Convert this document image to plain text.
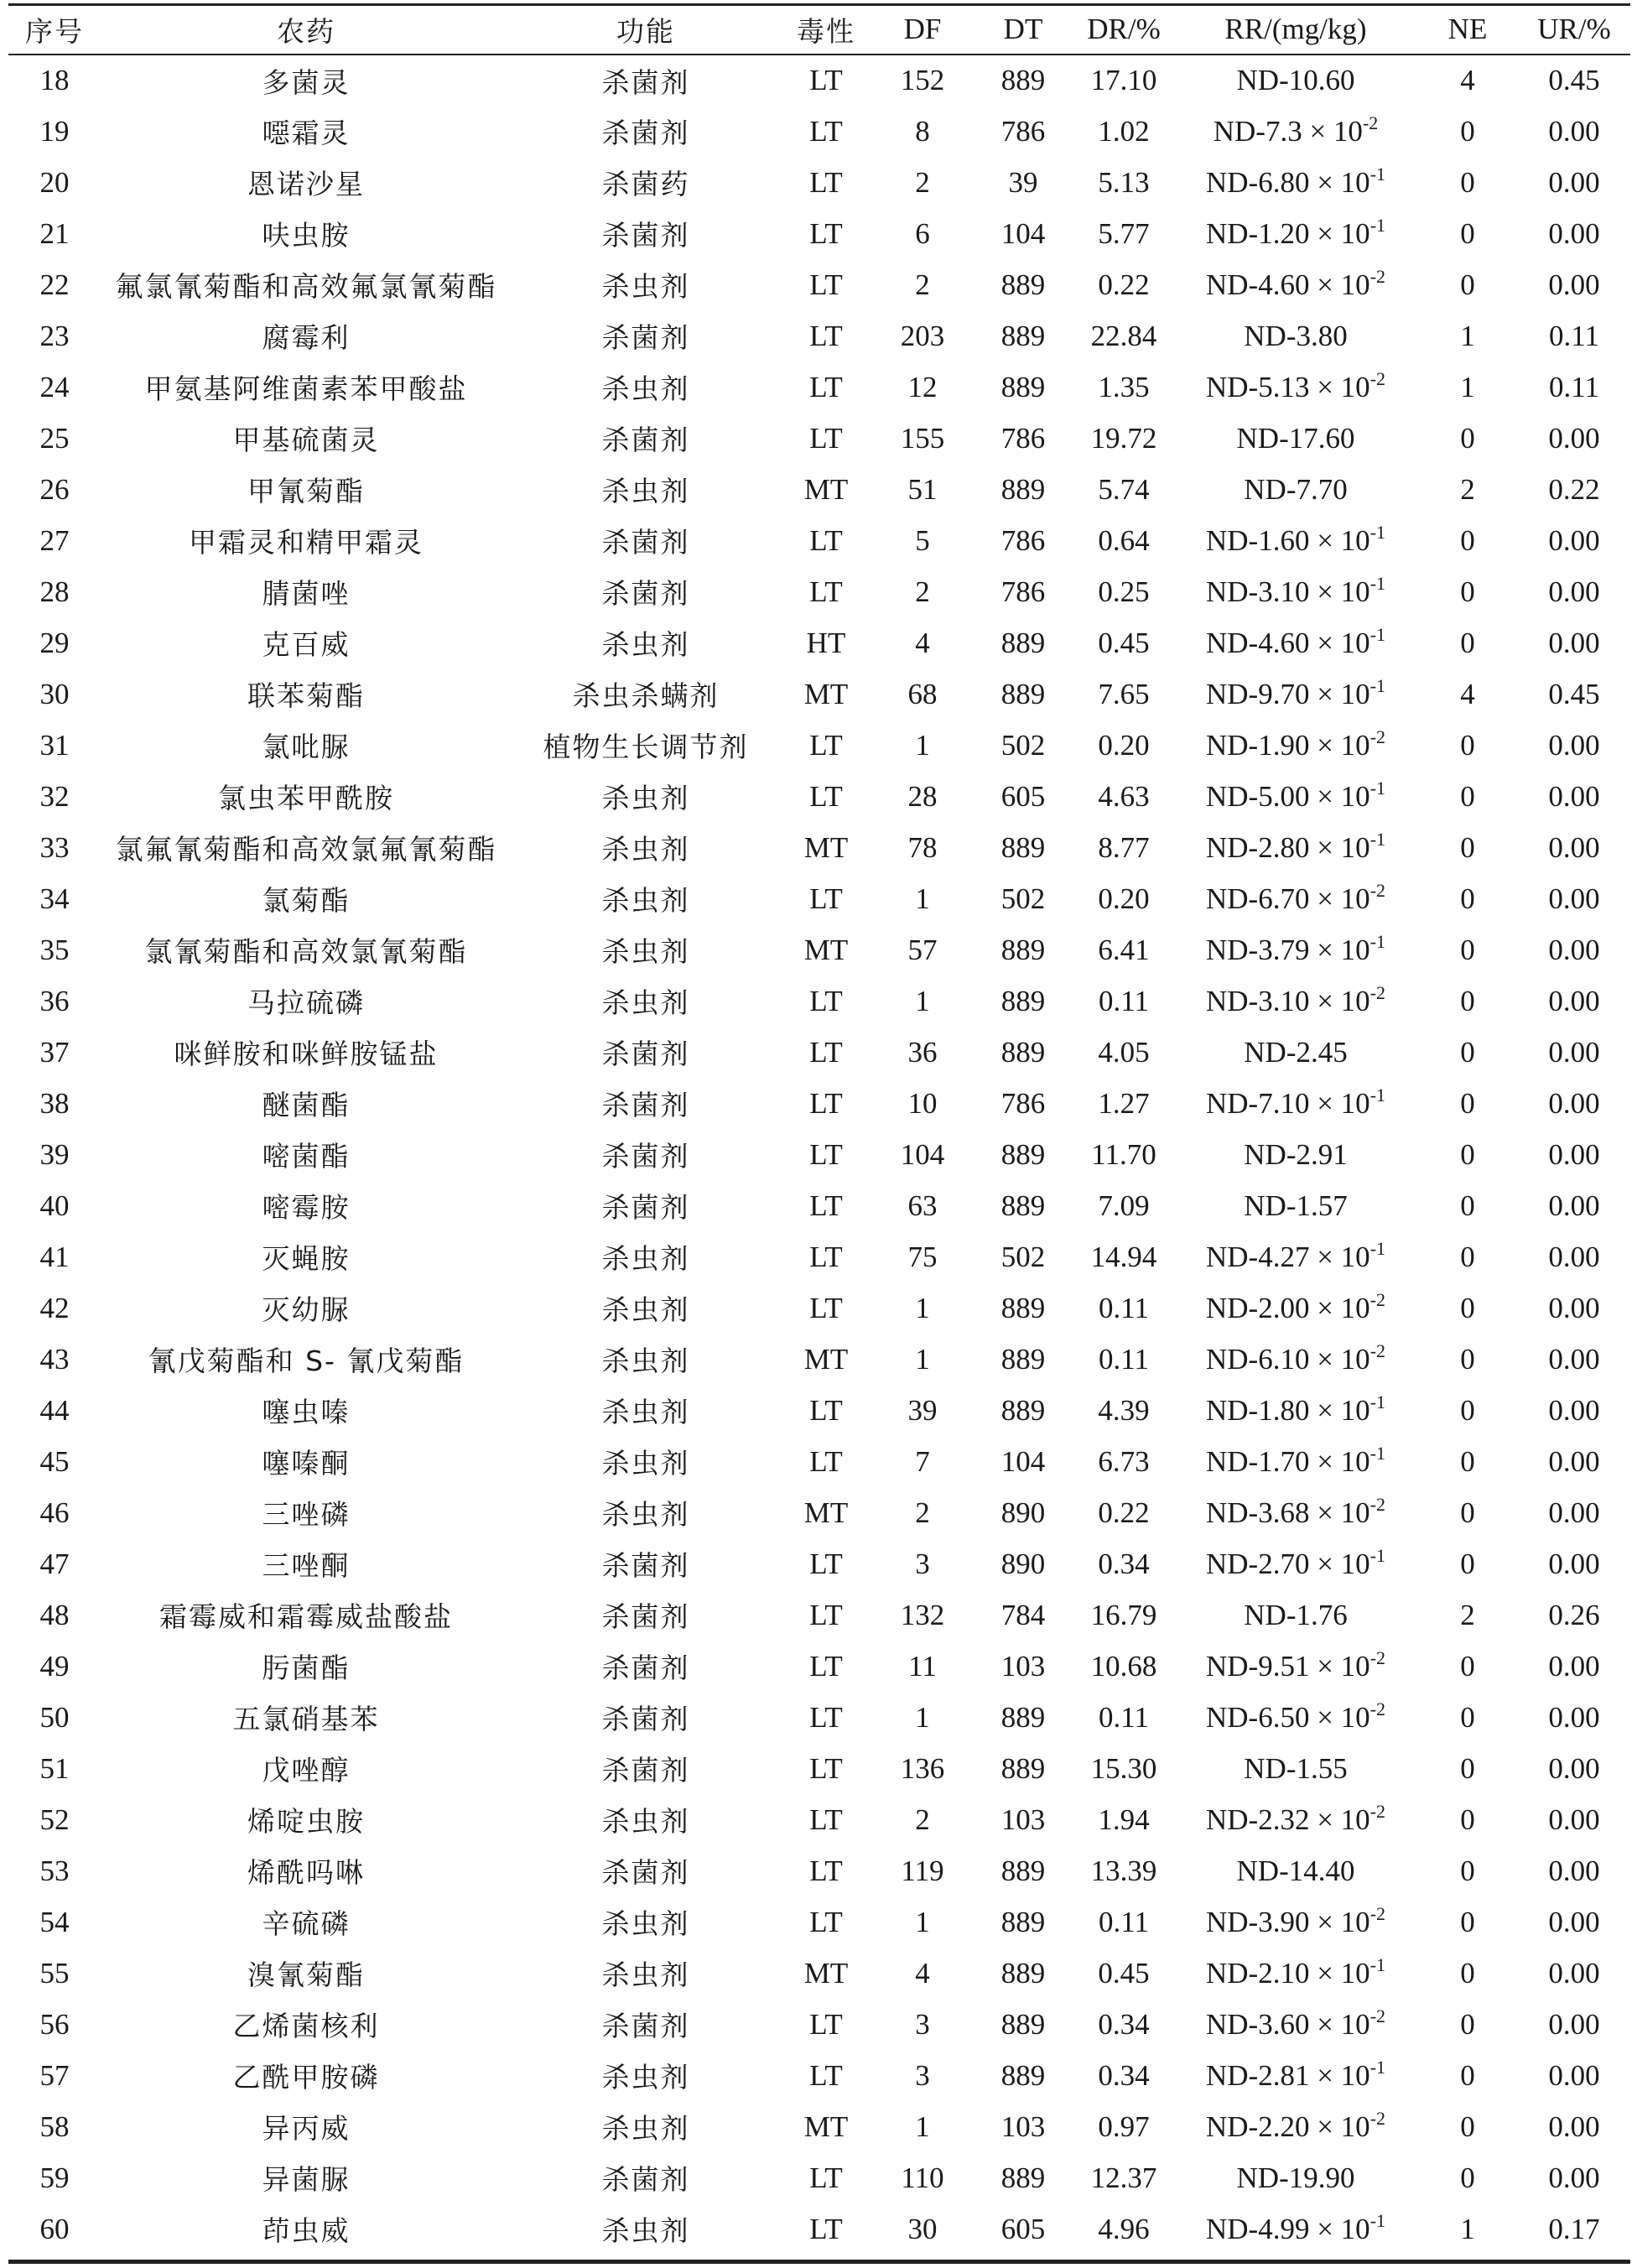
序号	农药	功能	毒性	DF	DT	DR/%	RR/(mg/kg)	NE	UR/%
18	多菌灵	杀菌剂	LT	152	889	17.10	ND-10.60	4	0.45
19	噁霜灵	杀菌剂	LT	8	786	1.02	$ND-7.3 \times 10^{-2}$	0	0.00
20	恩诺沙星	杀菌药	LT	2	39	5.13	$ND-6.80 \times 10^{-1}$	0	0.00
21	呋虫胺	杀菌剂	LT	6	104	5.77	$ND-1.20 \times 10^{-1}$	0	0.00
22	氟氯氰菊酯和高效氟氯氰菊酯	杀虫剂	LT	2	889	0.22	$ND-4.60 \times 10^{-2}$	0	0.00
23	腐霉利	杀菌剂	LT	203	889	22.84	ND-3.80	1	0.11
24	甲氨基阿维菌素苯甲酸盐	杀虫剂	LT	12	889	1.35	$ND-5.13 \times 10^{-2}$	1	0.11
25	甲基硫菌灵	杀菌剂	LT	155	786	19.72	ND-17.60	0	0.00
26	甲氰菊酯	杀虫剂	MT	51	889	5.74	ND-7.70	2	0.22
27	甲霜灵和精甲霜灵	杀菌剂	LT	5	786	0.64	$ND-1.60 \times 10^{-1}$	0	0.00
28	腈菌唑	杀菌剂	LT	2	786	0.25	$ND-3.10 \times 10^{-1}$	0	0.00
29	克百威	杀虫剂	HT	4	889	0.45	$ND-4.60 \times 10^{-1}$	0	0.00
30	联苯菊酯	杀虫杀螨剂	MT	68	889	7.65	$ND-9.70 \times 10^{-1}$	4	0.45
31	氯吡脲	植物生长调节剂	LT	1	502	0.20	$ND-1.90 \times 10^{-2}$	0	0.00
32	氯虫苯甲酰胺	杀虫剂	LT	28	605	4.63	$ND-5.00 \times 10^{-1}$	0	0.00
33	氯氟氰菊酯和高效氯氟氰菊酯	杀虫剂	MT	78	889	8.77	$ND-2.80 \times 10^{-1}$	0	0.00
34	氯菊酯	杀虫剂	LT	1	502	0.20	$ND-6.70 \times 10^{-2}$	0	0.00
35	氯氰菊酯和高效氯氰菊酯	杀虫剂	MT	57	889	6.41	$ND-3.79 \times 10^{-1}$	0	0.00
36	马拉硫磷	杀虫剂	LT	1	889	0.11	$ND-3.10 \times 10^{-2}$	0	0.00
37	咪鲜胺和咪鲜胺锰盐	杀菌剂	LT	36	889	4.05	ND-2.45	0	0.00
38	醚菌酯	杀菌剂	LT	10	786	1.27	$ND-7.10 \times 10^{-1}$	0	0.00
39	嘧菌酯	杀菌剂	LT	104	889	11.70	ND-2.91	0	0.00
40	嘧霉胺	杀菌剂	LT	63	889	7.09	ND-1.57	0	0.00
41	灭蝇胺	杀虫剂	LT	75	502	14.94	$ND-4.27 \times 10^{-1}$	0	0.00
42	灭幼脲	杀虫剂	LT	1	889	0.11	$ND-2.00 \times 10^{-2}$	0	0.00
43	氰戊菊酯和 S- 氰戊菊酯	杀虫剂	MT	1	889	0.11	$ND-6.10 \times 10^{-2}$	0	0.00
44	噻虫嗪	杀虫剂	LT	39	889	4.39	$ND-1.80 \times 10^{-1}$	0	0.00
45	噻嗪酮	杀虫剂	LT	7	104	6.73	$ND-1.70 \times 10^{-1}$	0	0.00
46	三唑磷	杀虫剂	MT	2	890	0.22	$ND-3.68 \times 10^{-2}$	0	0.00
47	三唑酮	杀菌剂	LT	3	890	0.34	$ND-2.70 \times 10^{-1}$	0	0.00
48	霜霉威和霜霉威盐酸盐	杀菌剂	LT	132	784	16.79	ND-1.76	2	0.26
49	肟菌酯	杀菌剂	LT	11	103	10.68	$ND-9.51 \times 10^{-2}$	0	0.00
50	五氯硝基苯	杀菌剂	LT	1	889	0.11	$ND-6.50 \times 10^{-2}$	0	0.00
51	戊唑醇	杀菌剂	LT	136	889	15.30	ND-1.55	0	0.00
52	烯啶虫胺	杀虫剂	LT	2	103	1.94	$ND-2.32 \times 10^{-2}$	0	0.00
53	烯酰吗啉	杀菌剂	LT	119	889	13.39	ND-14.40	0	0.00
54	辛硫磷	杀虫剂	LT	1	889	0.11	$ND-3.90 \times 10^{-2}$	0	0.00
55	溴氰菊酯	杀虫剂	MT	4	889	0.45	$ND-2.10 \times 10^{-1}$	0	0.00
56	乙烯菌核利	杀菌剂	LT	3	889	0.34	$ND-3.60 \times 10^{-2}$	0	0.00
57	乙酰甲胺磷	杀虫剂	LT	3	889	0.34	$ND-2.81 \times 10^{-1}$	0	0.00
58	异丙威	杀虫剂	MT	1	103	0.97	$ND-2.20 \times 10^{-2}$	0	0.00
59	异菌脲	杀菌剂	LT	110	889	12.37	ND-19.90	0	0.00
60	茚虫威	杀虫剂	LT	30	605	4.96	$ND-4.99 \times 10^{-1}$	1	0.17
